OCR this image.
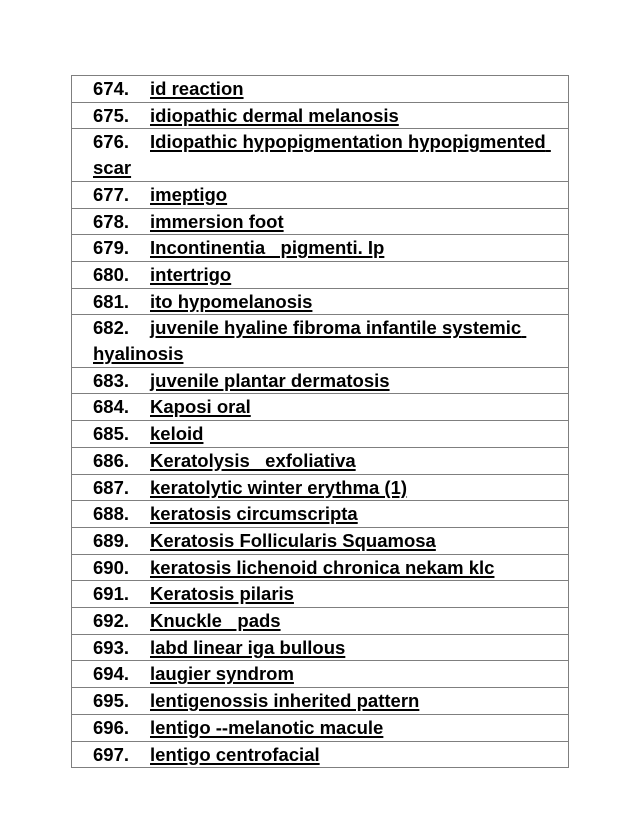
674. id reaction
675. idiopathic dermal melanosis
676. Idiopathic hypopigmentation hypopigmented scar
677. imeptigo
678. immersion foot
679. Incontinentia   pigmenti. Ip
680. intertrigo
681. ito hypomelanosis
682. juvenile hyaline fibroma infantile systemic hyalinosis
683. juvenile plantar dermatosis
684. Kaposi oral
685. keloid
686. Keratolysis   exfoliativa
687. keratolytic winter erythma (1)
688. keratosis circumscripta
689. Keratosis Follicularis Squamosa
690. keratosis lichenoid chronica nekam klc
691. Keratosis pilaris
692. Knuckle   pads
693. labd linear iga bullous
694. laugier syndrom
695. lentigenossis inherited pattern
696. lentigo --melanotic macule
697. lentigo centrofacial
